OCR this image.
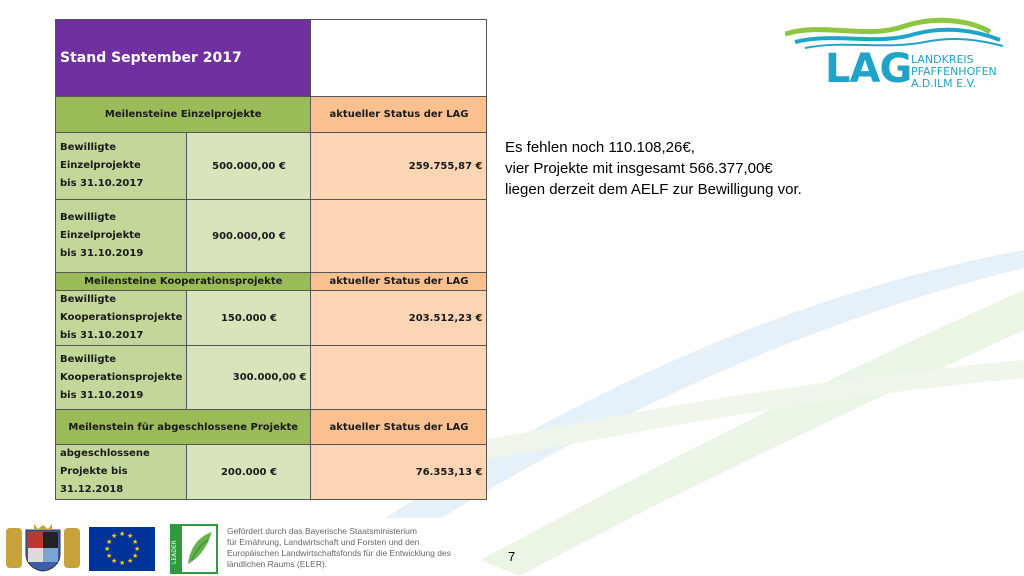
Stand September 2017		
Meilensteine Einzelprojekte		aktueller Status der LAG

Bewilligte
Einzelprojekte
bis 31.10.2017	500.000,00 €	259.755,87 €

Bewilligte
Einzelprojekte
bis 31.10.2019	900.000,00 €	
Meilensteine Kooperationsprojekte		aktueller Status der LAG

Bewilligte
Kooperationsprojekte
bis 31.10.2017	150.000 €	203.512,23 €

Bewilligte
Kooperationsprojekte
bis 31.10.2019	300.000,00 €	
Meilenstein für abgeschlossene Projekte		aktueller Status der LAG

abgeschlossene
Projekte bis 31.12.2018	200.000 €	76.353,13 €
Es fehlen noch 110.108,26€,
vier Projekte mit insgesamt 566.377,00€
liegen derzeit dem AELF zur Bewilligung vor.
LAG LANDKREIS
PFAFFENHOFEN
A.D.ILM E.V.
★ ★
★
★
★
★
★
★
★
★
★
★
LEADER
Gefördert durch das Bayerische Staatsministerium
für Ernährung, Landwirtschaft und Forsten und den
Europäischen Landwirtschaftsfonds für die Entwicklung des
ländlichen Raums (ELER).	7
